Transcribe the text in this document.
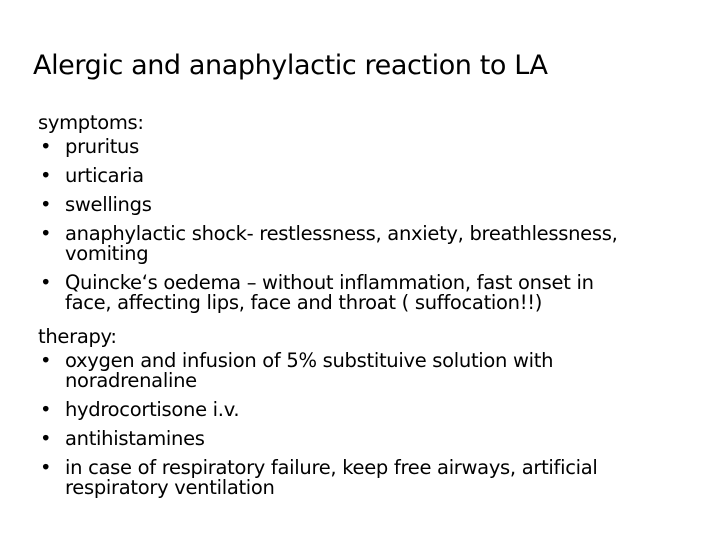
Alergic and anaphylactic reaction to LA
symptoms:
• pruritus
• urticaria
• swellings
• anaphylactic shock- restlessness, anxiety, breathlessness,
vomiting
• Quincke‘s oedema – without inflammation, fast onset in
face, affecting lips, face and throat ( suffocation!!)
therapy:
• oxygen and infusion of 5% substituive solution with
noradrenaline
• hydrocortisone i.v.
• antihistamines
• in case of respiratory failure, keep free airways, artificial
respiratory ventilation
